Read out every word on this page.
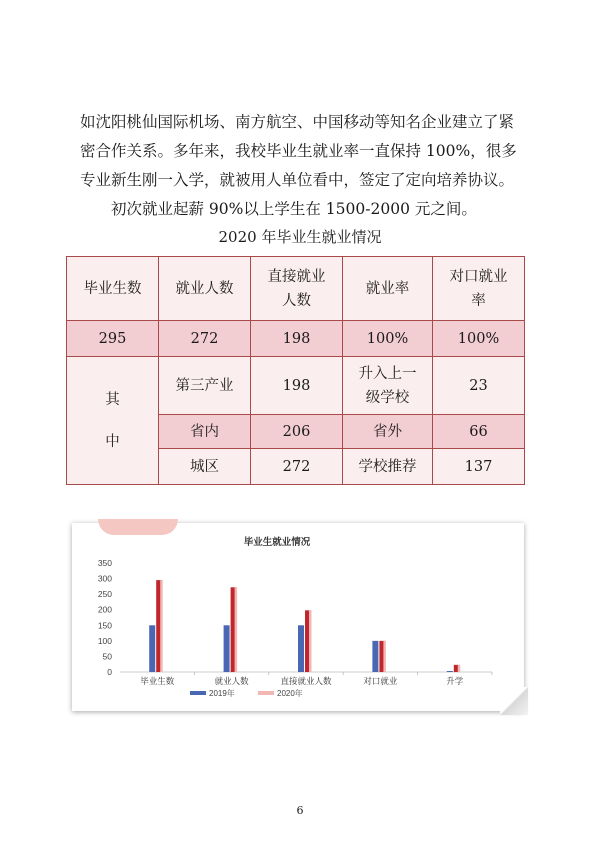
如沈阳桃仙国际机场、南方航空、中国移动等知名企业建立了紧

密合作关系。多年来，我校毕业生就业率一直保持 100%，很多

专业新生刚一入学，就被用人单位看中，签定了定向培养协议。

初次就业起薪 90%以上学生在 1500-2000 元之间。

2020 年毕业生就业情况
毕业生数	就业人数	直接就业人数	就业率	对口就业率

295	272	198	100%	100%

其中	第三产业	198	升入上一级学校	23
	省内	206	省外	66
	城区	272	学校推荐	137
毕业生就业情况
0
50
100
150
200
250
300
350
毕业生数	就业人数	直接就业人数	对口就业	升学
2019年	2020年
6
